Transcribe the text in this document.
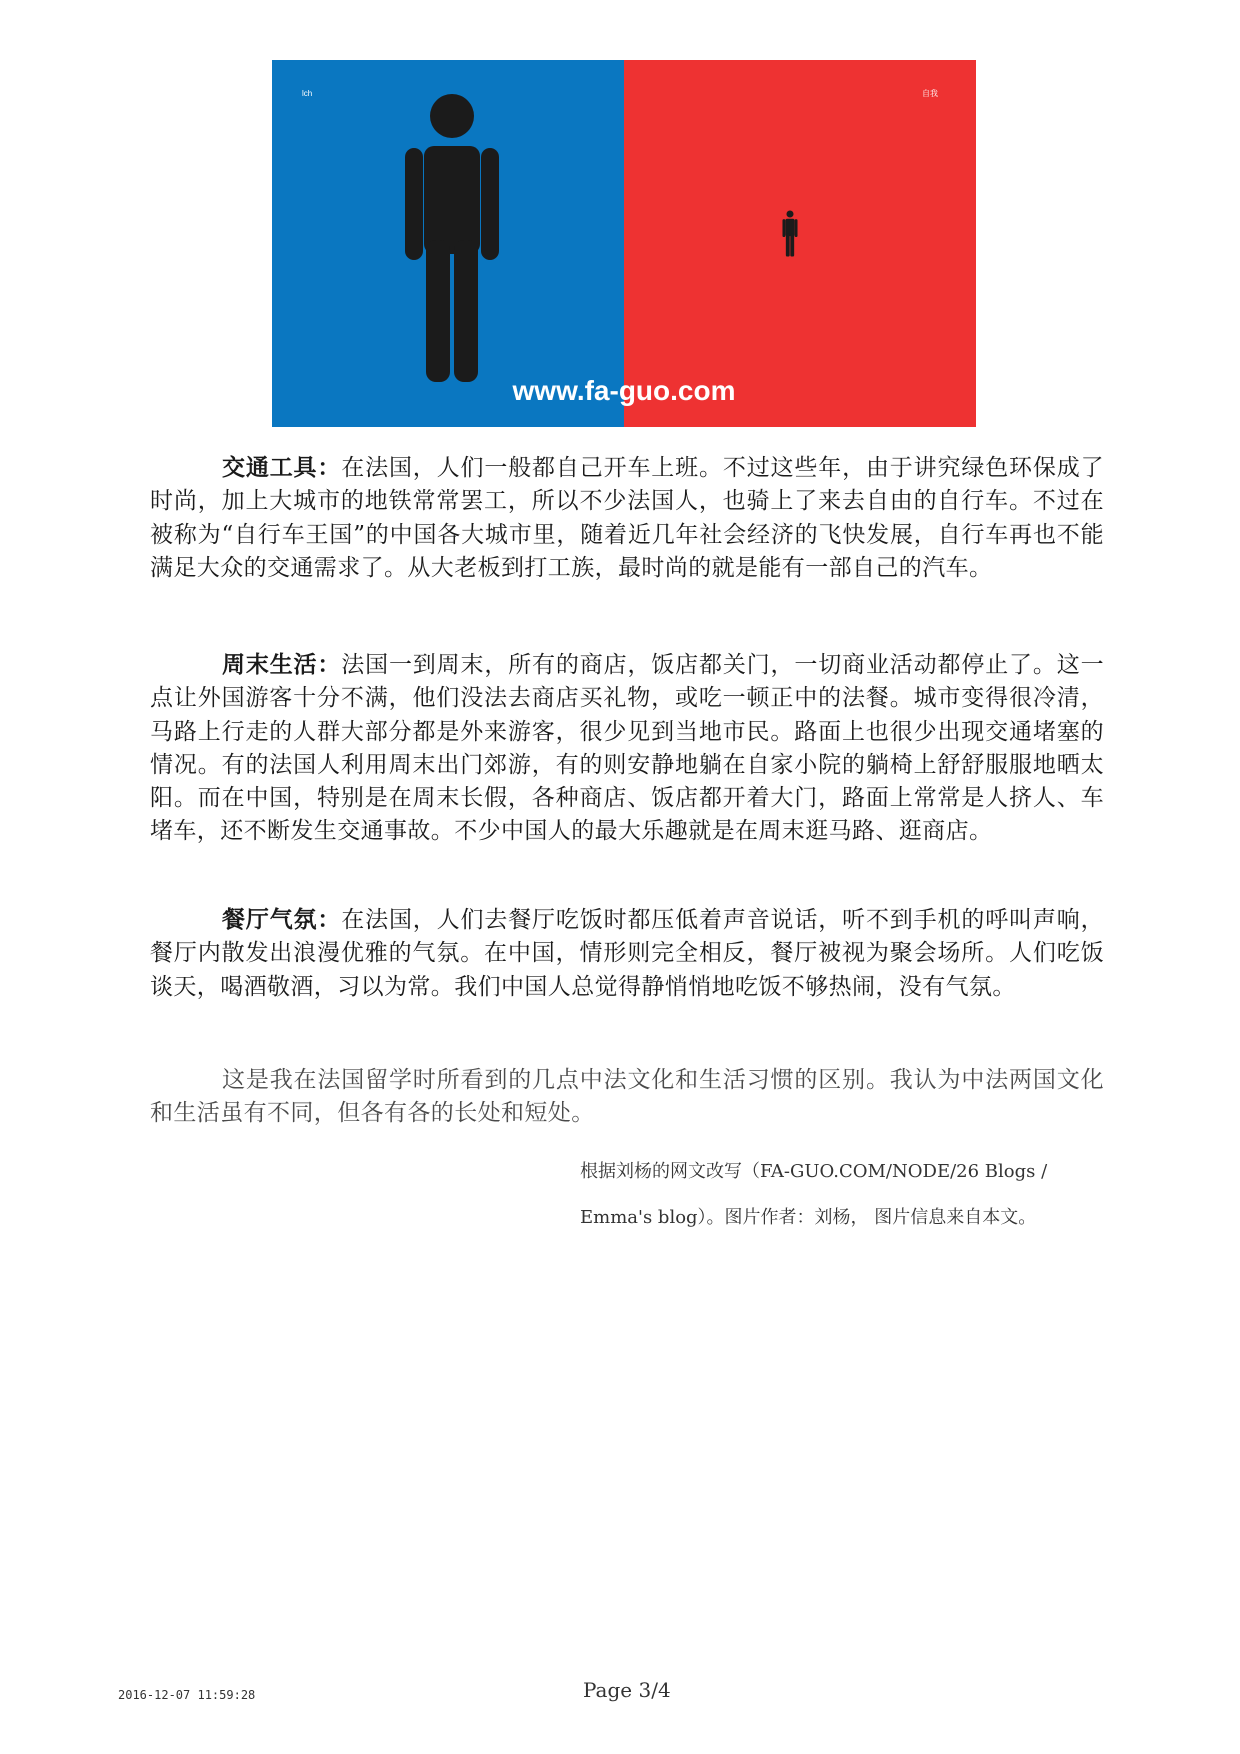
lch	自我
www.fa-guo.com
交通工具：在法国，人们一般都自己开车上班。不过这些年，由于讲究绿色环保成了时尚，加上大城市的地铁常常罢工，所以不少法国人，也骑上了来去自由的自行车。不过在被称为“自行车王国”的中国各大城市里，随着近几年社会经济的飞快发展，自行车再也不能满足大众的交通需求了。从大老板到打工族，最时尚的就是能有一部自己的汽车。
周末生活：法国一到周末，所有的商店，饭店都关门，一切商业活动都停止了。这一点让外国游客十分不满，他们没法去商店买礼物，或吃一顿正中的法餐。城市变得很冷清，马路上行走的人群大部分都是外来游客，很少见到当地市民。路面上也很少出现交通堵塞的情况。有的法国人利用周末出门郊游，有的则安静地躺在自家小院的躺椅上舒舒服服地晒太阳。而在中国，特别是在周末长假，各种商店、饭店都开着大门，路面上常常是人挤人、车堵车，还不断发生交通事故。不少中国人的最大乐趣就是在周末逛马路、逛商店。
餐厅气氛：在法国，人们去餐厅吃饭时都压低着声音说话，听不到手机的呼叫声响，餐厅内散发出浪漫优雅的气氛。在中国，情形则完全相反，餐厅被视为聚会场所。人们吃饭谈天，喝酒敬酒，习以为常。我们中国人总觉得静悄悄地吃饭不够热闹，没有气氛。
这是我在法国留学时所看到的几点中法文化和生活习惯的区别。我认为中法两国文化和生活虽有不同，但各有各的长处和短处。
根据刘杨的网文改写（FA-GUO.COM/NODE/26 Blogs /
Emma's blog）。图片作者：刘杨， 图片信息来自本文。
2016-12-07 11:59:28	Page 3/4
